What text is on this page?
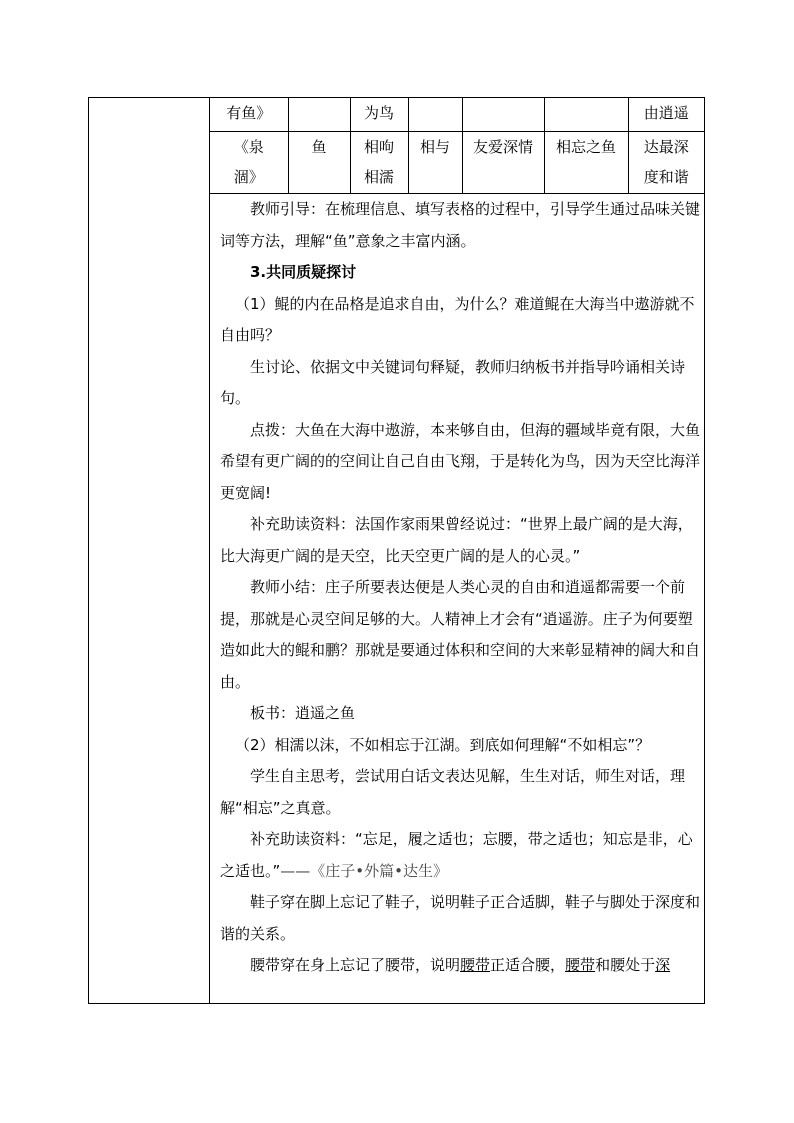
有鱼》		为鸟				由逍遥
《泉涸》	鱼	相呴相濡	相与	友爱深情	相忘之鱼	达最深度和谐

教师引导：在梳理信息、填写表格的过程中，引导学生通过品味关键词等方法，理解“鱼”意象之丰富内涵。

3.共同质疑探讨

（1）鲲的内在品格是追求自由，为什么？难道鲲在大海当中遨游就不自由吗？

生讨论、依据文中关键词句释疑，教师归纳板书并指导吟诵相关诗句。

点拨：大鱼在大海中遨游，本来够自由，但海的疆域毕竟有限，大鱼希望有更广阔的的空间让自己自由飞翔，于是转化为鸟，因为天空比海洋更宽阔!

补充助读资料：法国作家雨果曾经说过：“世界上最广阔的是大海，比大海更广阔的是天空，比天空更广阔的是人的心灵。”

教师小结：庄子所要表达便是人类心灵的自由和逍遥都需要一个前提，那就是心灵空间足够的大。人精神上才会有“逍遥游。庄子为何要塑造如此大的鲲和鹏？那就是要通过体积和空间的大来彰显精神的阔大和自由。

板书：逍遥之鱼

（2）相濡以沫，不如相忘于江湖。到底如何理解“不如相忘”？

学生自主思考，尝试用白话文表达见解，生生对话，师生对话，理解“相忘”之真意。

补充助读资料：“忘足，履之适也；忘腰，带之适也；知忘是非，心之适也。”——《庄子•外篇•达生》

鞋子穿在脚上忘记了鞋子，说明鞋子正合适脚，鞋子与脚处于深度和谐的关系。

腰带穿在身上忘记了腰带，说明腰带正适合腰，腰带和腰处于深
